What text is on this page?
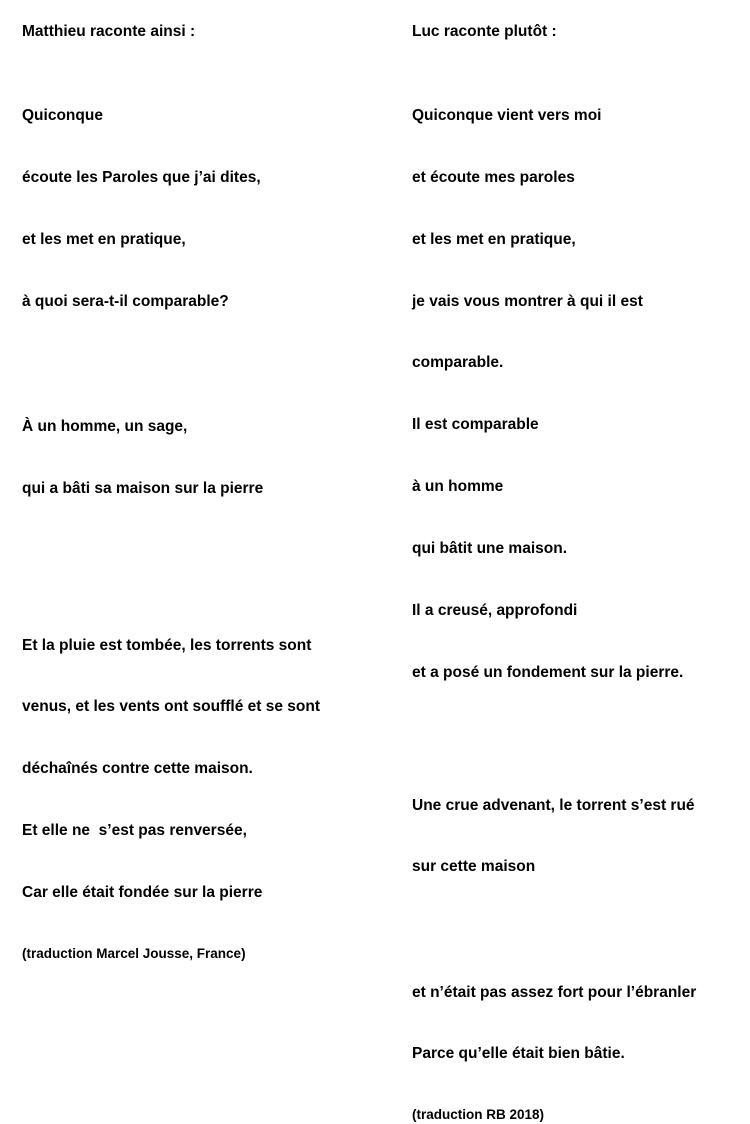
Matthieu raconte ainsi :

Quiconque

écoute les Paroles que j’ai dites,

et les met en pratique,

à quoi sera-t-il comparable?

À un homme, un sage,

qui a bâti sa maison sur la pierre

Et la pluie est tombée, les torrents sont

venus, et les vents ont soufflé et se sont

déchaînés contre cette maison.

Et elle ne  s’est pas renversée,

Car elle était fondée sur la pierre

(traduction Marcel Jousse, France)
Luc raconte plutôt :

Quiconque vient vers moi

et écoute mes paroles

et les met en pratique,

je vais vous montrer à qui il est

comparable.

Il est comparable

à un homme

qui bâtit une maison.

Il a creusé, approfondi

et a posé un fondement sur la pierre.

Une crue advenant, le torrent s’est rué

sur cette maison

et n’était pas assez fort pour l’ébranler

Parce qu’elle était bien bâtie.

(traduction RB 2018)
